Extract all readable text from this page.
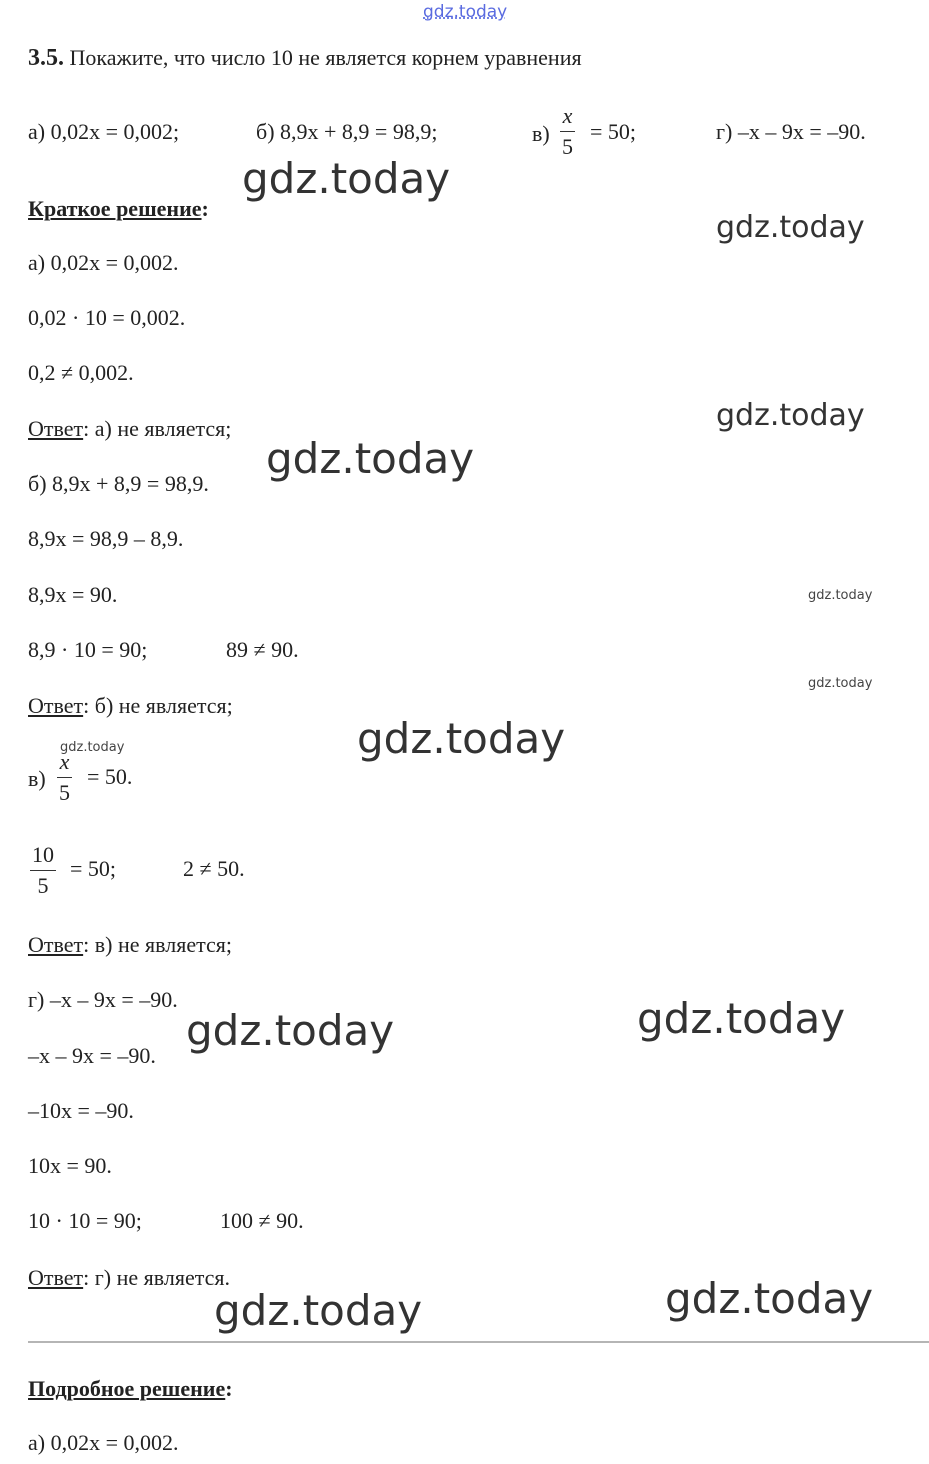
gdz.today
3.5. Покажите, что число 10 не является корнем уравнения
а) 0,02x = 0,002;	б) 8,9x + 8,9 = 98,9;	в)
x
5
= 50;	г) –x – 9x = –90.
Краткое решение:
а) 0,02x = 0,002.
0,02 · 10 = 0,002.
0,2 ≠ 0,002.
Ответ: а) не является;
б) 8,9x + 8,9 = 98,9.
8,9x = 98,9 – 8,9.
8,9x = 90.
8,9 · 10 = 90;	89 ≠ 90.
Ответ: б) не является;
в)
x
5
= 50.
10
5
= 50;	2 ≠ 50.
Ответ: в) не является;
г) –x – 9x = –90.
–x – 9x = –90.
–10x = –90.
10x = 90.
10 · 10 = 90;	100 ≠ 90.
Ответ: г) не является.
Подробное решение:
а) 0,02x = 0,002.
gdz.today
gdz.today
gdz.today
gdz.today
gdz.today
gdz.today
gdz.today
gdz.today
gdz.today	gdz.today
gdz.today	gdz.today
